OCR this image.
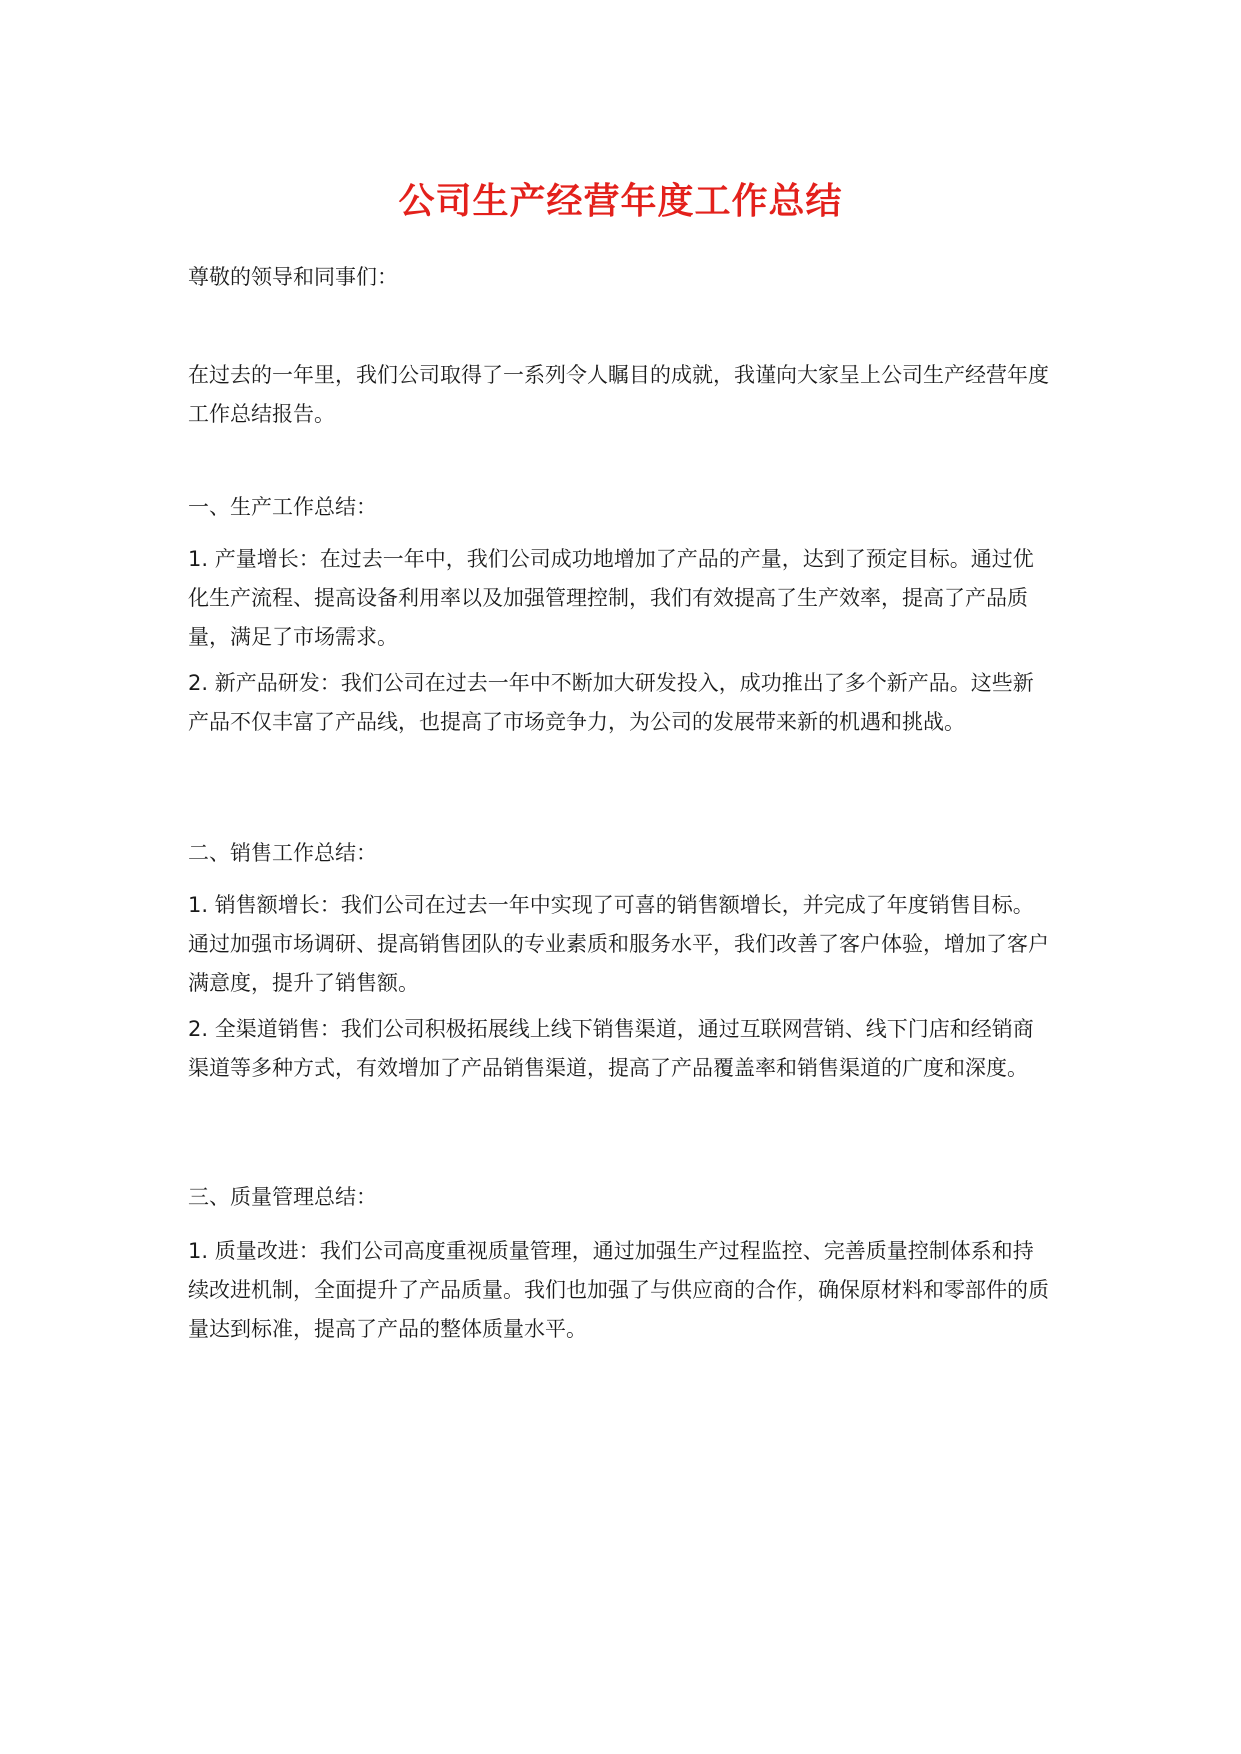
公司生产经营年度工作总结
尊敬的领导和同事们：
在过去的一年里，我们公司取得了一系列令人瞩目的成就，我谨向大家呈上公司生产经营年度工作总结报告。
一、生产工作总结：
1. 产量增长：在过去一年中，我们公司成功地增加了产品的产量，达到了预定目标。通过优化生产流程、提高设备利用率以及加强管理控制，我们有效提高了生产效率，提高了产品质量，满足了市场需求。
2. 新产品研发：我们公司在过去一年中不断加大研发投入，成功推出了多个新产品。这些新产品不仅丰富了产品线，也提高了市场竞争力，为公司的发展带来新的机遇和挑战。
二、销售工作总结：
1. 销售额增长：我们公司在过去一年中实现了可喜的销售额增长，并完成了年度销售目标。通过加强市场调研、提高销售团队的专业素质和服务水平，我们改善了客户体验，增加了客户满意度，提升了销售额。
2. 全渠道销售：我们公司积极拓展线上线下销售渠道，通过互联网营销、线下门店和经销商渠道等多种方式，有效增加了产品销售渠道，提高了产品覆盖率和销售渠道的广度和深度。
三、质量管理总结：
1. 质量改进：我们公司高度重视质量管理，通过加强生产过程监控、完善质量控制体系和持续改进机制，全面提升了产品质量。我们也加强了与供应商的合作，确保原材料和零部件的质量达到标准，提高了产品的整体质量水平。
